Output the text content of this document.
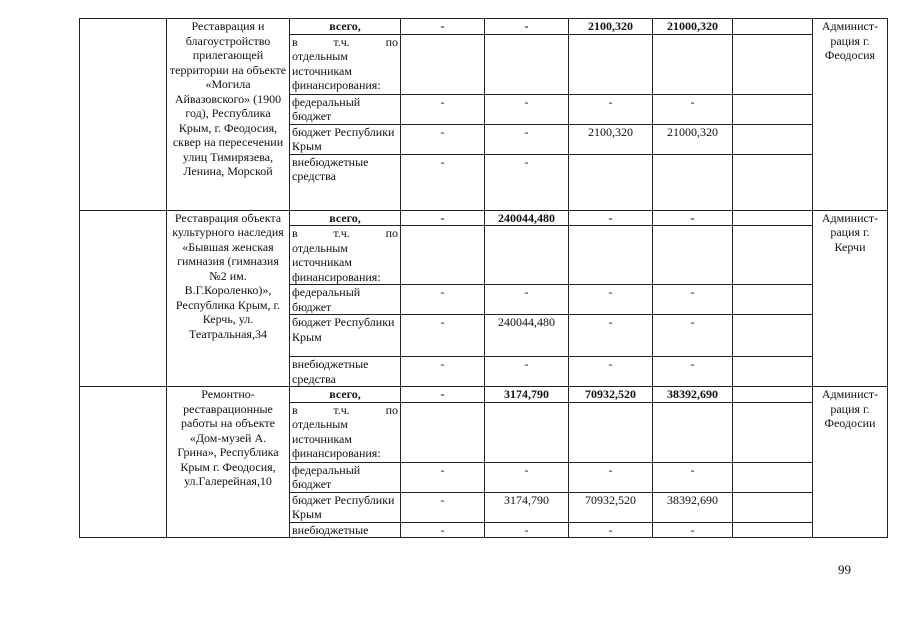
	Реставрация и благоустройство прилегающей территории на объекте «Могила Айвазовского» (1900 год), Республика Крым, г. Феодосия, сквер на пересечении улиц Тимирязева, Ленина, Морской	всего,	-	-	2100,320	21000,320		Админист-рация г. Феодосия

		в т.ч. по
отдельным
источникам
финансирования:						

		федеральный бюджет	-	-	-	-		
		бюджет Республики Крым	-	-	2100,320	21000,320		
		внебюджетные средства	-	-				
	Реставрация объекта культурного наследия «Бывшая женская гимназия (гимназия №2 им. В.Г.Короленко)», Республика Крым, г. Керчь, ул. Театральная,34	всего,	-	240044,480	-	-		Админист-рация г. Керчи

		в т.ч. по
отдельным
источникам
финансирования:						

		федеральный бюджет	-	-	-	-		
		бюджет Республики Крым	-	240044,480	-	-		
		внебюджетные средства	-	-	-	-		
	Ремонтно-реставрационные работы на объекте «Дом-музей А. Грина», Республика Крым г. Феодосия, ул.Галерейная,10	всего,	-	3174,790	70932,520	38392,690		Админист-рация г. Феодосии

		в т.ч. по
отдельным
источникам
финансирования:						

		федеральный бюджет	-	-	-	-		
		бюджет Республики Крым	-	3174,790	70932,520	38392,690		
		внебюджетные	-	-	-	-		
99
